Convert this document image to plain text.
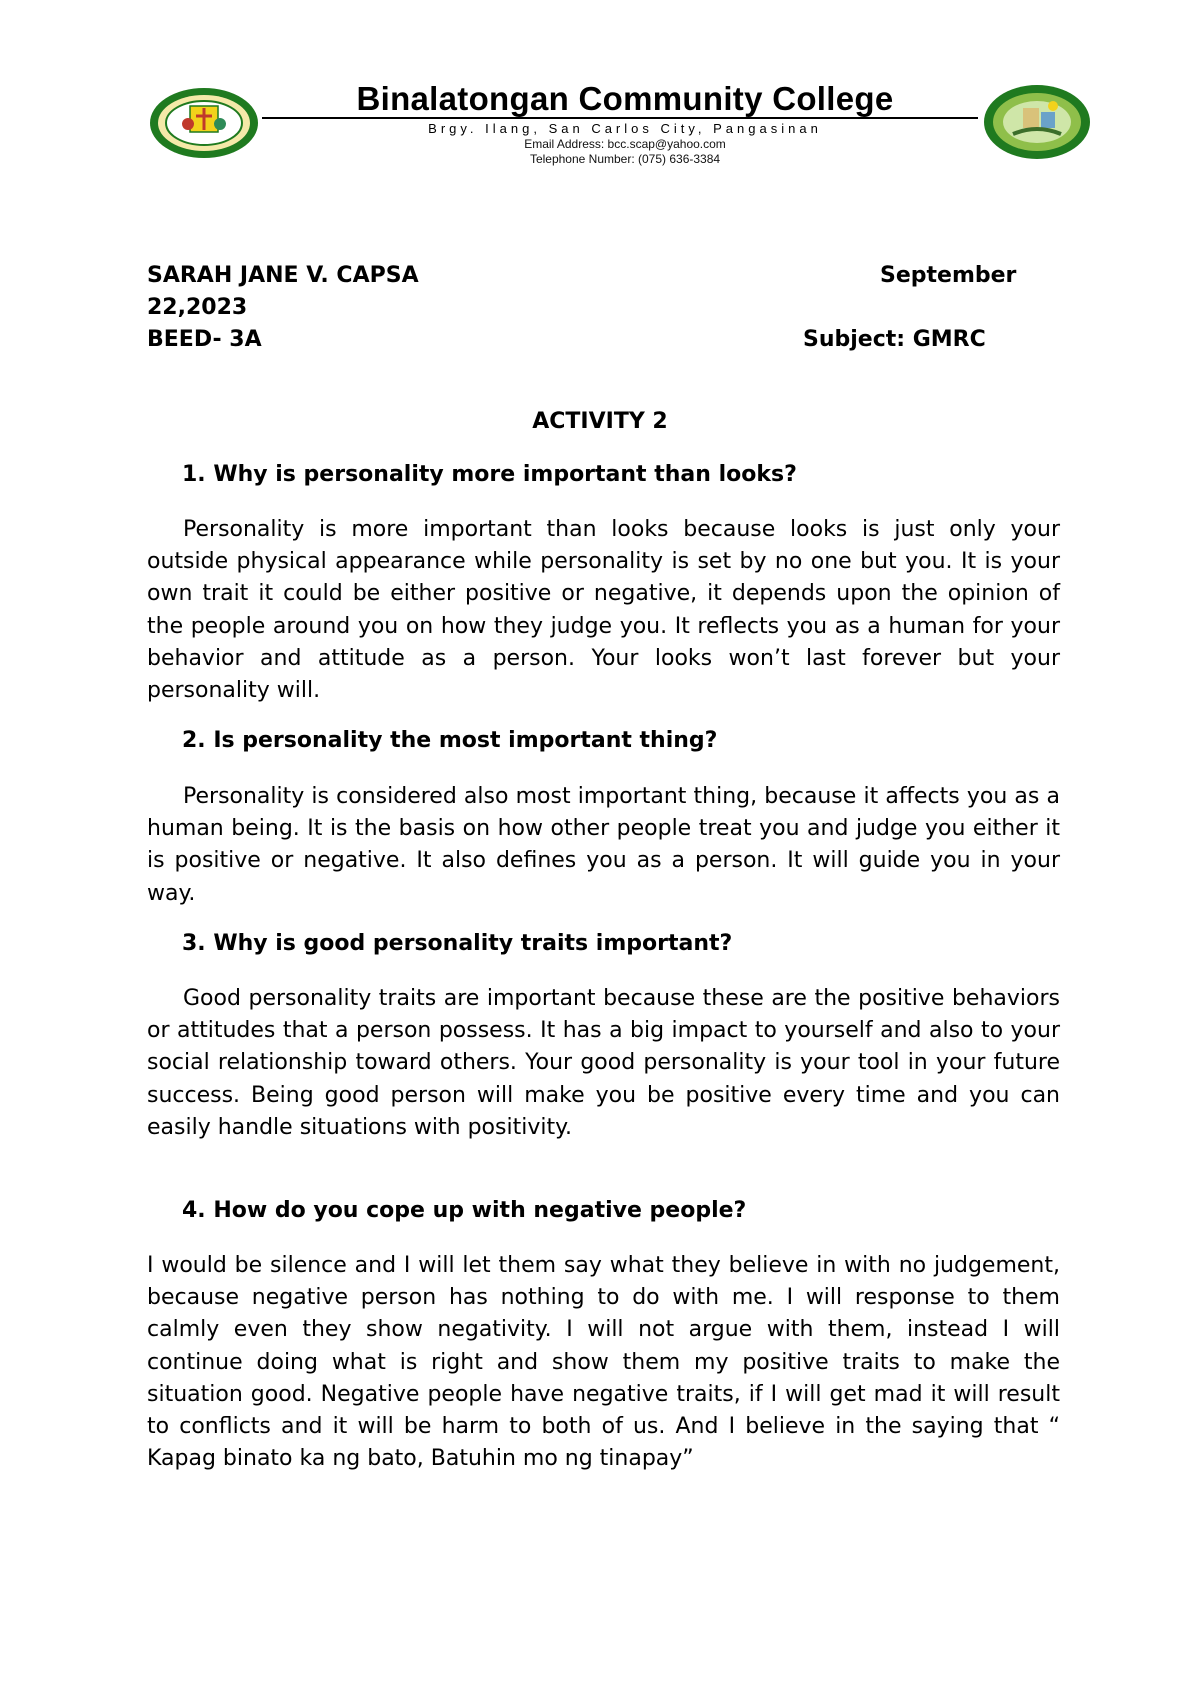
Binalatongan Community College
Brgy. Ilang, San Carlos City, Pangasinan
Email Address: bcc.scap@yahoo.com
Telephone Number: (075) 636-3384
SARAH JANE V. CAPSA	September
22,2023
BEED- 3A	Subject: GMRC
ACTIVITY 2
1. Why is personality more important than looks?

Personality is more important than looks because looks is just only your outside physical appearance while personality is set by no one but you. It is your own trait it could be either positive or negative, it depends upon the opinion of the people around you on how they judge you. It reflects you as a human for your behavior and attitude as a person. Your looks won’t last forever but your personality will.

2. Is personality the most important thing?

Personality is considered also most important thing, because it affects you as a human being. It is the basis on how other people treat you and judge you either it is positive or negative. It also defines you as a person. It will guide you in your way.

3. Why is good personality traits important?

Good personality traits are important because these are the positive behaviors or attitudes that a person possess. It has a big impact to yourself and also to your social relationship toward others. Your good personality is your tool in your future success. Being good person will make you be positive every time and you can easily handle situations with positivity.

4. How do you cope up with negative people?

I would be silence and I will let them say what they believe in with no judgement, because negative person has nothing to do with me. I will response to them calmly even they show negativity. I will not argue with them, instead I will continue doing what is right and show them my positive traits to make the situation good. Negative people have negative traits, if I will get mad it will result to conflicts and it will be harm to both of us. And I believe in the saying that “ Kapag binato ka ng bato, Batuhin mo ng tinapay”
